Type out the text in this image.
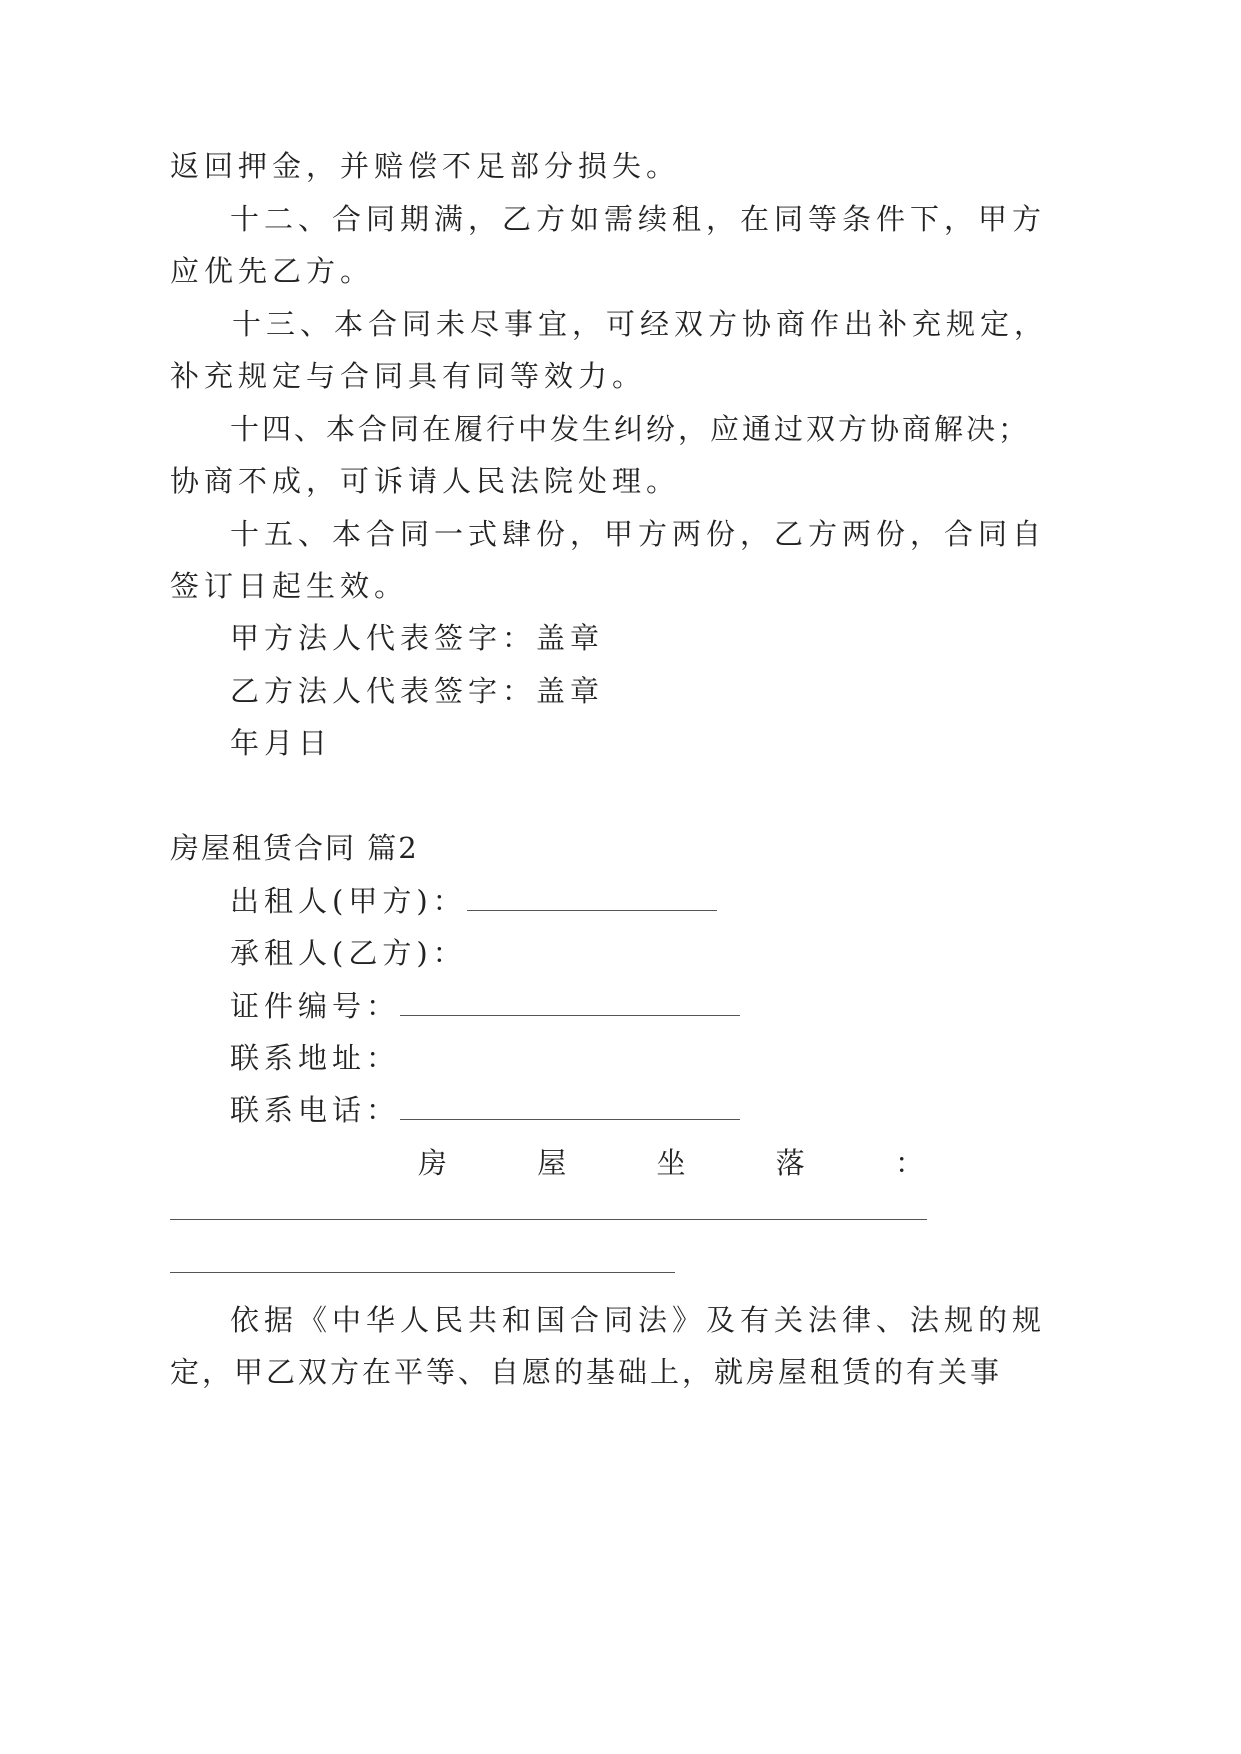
返回押金，并赔偿不足部分损失。
十二、合同期满，乙方如需续租，在同等条件下，甲方
应优先乙方。
十三、本合同未尽事宜，可经双方协商作出补充规定，
补充规定与合同具有同等效力。
十四、本合同在履行中发生纠纷，应通过双方协商解决；
协商不成，可诉请人民法院处理。
十五、本合同一式肆份，甲方两份，乙方两份，合同自
签订日起生效。
甲方法人代表签字：盖章
乙方法人代表签字：盖章
年月日
房屋租赁合同 篇2
出租人(甲方)：
承租人(乙方)：
证件编号：
联系地址：
联系电话：
房	屋	坐	落	：
依据《中华人民共和国合同法》及有关法律、法规的规
定，甲乙双方在平等、自愿的基础上，就房屋租赁的有关事
